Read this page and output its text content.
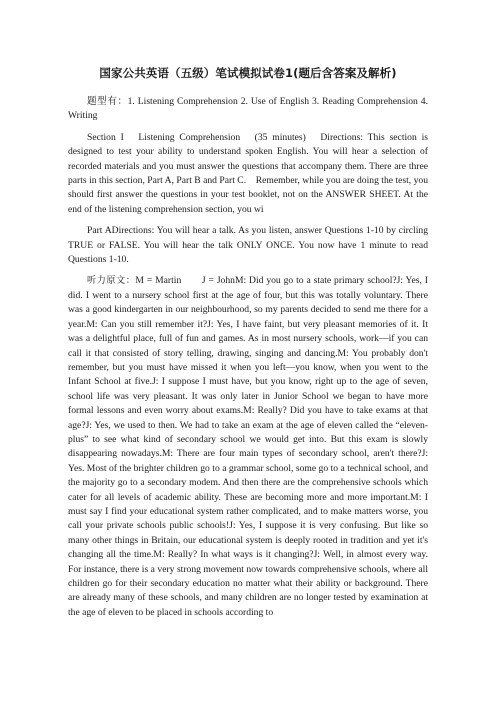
国家公共英语（五级）笔试模拟试卷1(题后含答案及解析)

题型有：1. Listening Comprehension 2. Use of English 3. Reading Comprehension 4. Writing

Section I　Listening Comprehension　(35 minutes)　Directions: This section is designed to test your ability to understand spoken English. You will hear a selection of recorded materials and you must answer the questions that accompany them. There are three parts in this section, Part A, Part B and Part C.　Remember, while you are doing the test, you should first answer the questions in your test booklet, not on the ANSWER SHEET. At the end of the listening comprehension section, you wi

Part ADirections: You will hear a talk. As you listen, answer Questions 1-10 by circling TRUE or FALSE. You will hear the talk ONLY ONCE. You now have 1 minute to read Questions 1-10.

听力原文：M = Martin　　J = JohnM: Did you go to a state primary school?J: Yes, I did. I went to a nursery school first at the age of four, but this was totally voluntary. There was a good kindergarten in our neighbourhood, so my parents decided to send me there for a year.M: Can you still remember it?J: Yes, I have faint, but very pleasant memories of it. It was a delightful place, full of fun and games. As in most nursery schools, work—if you can call it that consisted of story telling, drawing, singing and dancing.M: You probably don't remember, but you must have missed it when you left—you know, when you went to the Infant School at five.J: I suppose I must have, but you know, right up to the age of seven, school life was very pleasant. It was only later in Junior School we began to have more formal lessons and even worry about exams.M: Really? Did you have to take exams at that age?J: Yes, we used to then. We had to take an exam at the age of eleven called the “eleven-plus” to see what kind of secondary school we would get into. But this exam is slowly disappearing nowadays.M: There are four main types of secondary school, aren't there?J: Yes. Most of the brighter children go to a grammar school, some go to a technical school, and the majority go to a secondary modem. And then there are the comprehensive schools which cater for all levels of academic ability. These are becoming more and more important.M: I must say I find your educational system rather complicated, and to make matters worse, you call your private schools public schools!J: Yes, I suppose it is very confusing. But like so many other things in Britain, our educational system is deeply rooted in tradition and yet it's changing all the time.M: Really? In what ways is it changing?J: Well, in almost every way. For instance, there is a very strong movement now towards comprehensive schools, where all children go for their secondary education no matter what their ability or background. There are already many of these schools, and many children are no longer tested by examination at the age of eleven to be placed in schools according to
